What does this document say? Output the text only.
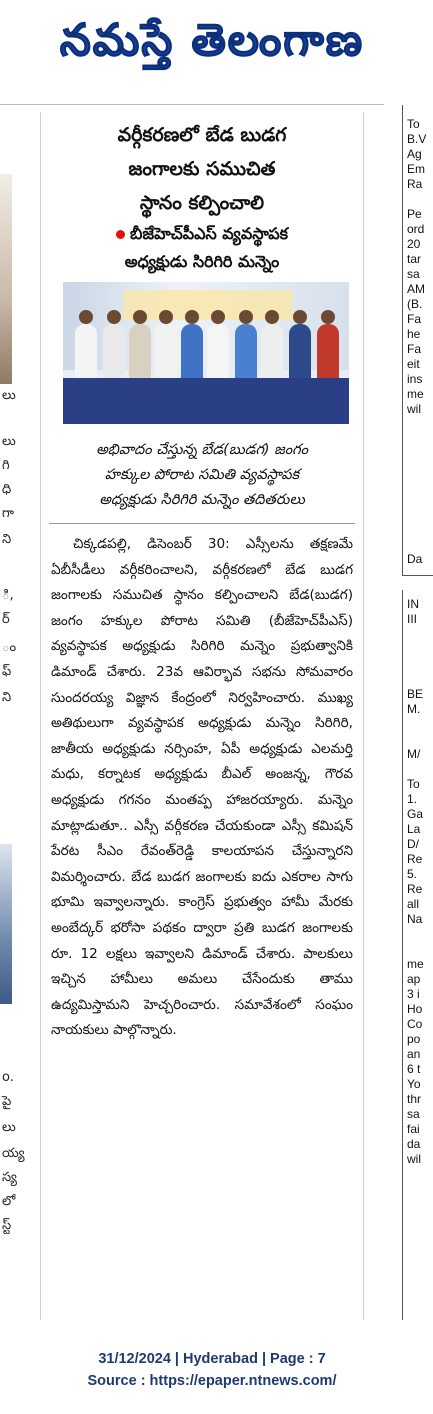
నమస్తే తెలంగాణ
లు
లు
గి
ధి
గా
ని
ి,
ర్
ం
ఫ్
ని
o.
పై
లు
య్య
స్య
లో
స్ట్
వర్గీకరణలో బేడ బుడగ
జంగాలకు సముచిత
స్థానం కల్పించాలి
బీజేహెచ్‌పీఎస్ వ్యవస్థాపక
అధ్యక్షుడు సిరిగిరి మన్నెం
అభివాదం చేస్తున్న బేడ(బుడగ) జంగం
హక్కుల పోరాట సమితి వ్యవస్థాపక
అధ్యక్షుడు సిరిగిరి మన్నెం తదితరులు
చిక్కడపల్లి, డిసెంబర్ 30: ఎస్సీలను తక్షణమే ఏబీసీడీలు వర్గీకరించాలని, వర్గీకరణలో బేడ బుడగ జంగాలకు సముచిత స్థానం కల్పించాలని బేడ(బుడగ) జంగం హక్కుల పోరాట సమితి (బీజేహెచ్‌పీఎస్) వ్యవస్థాపక అధ్యక్షుడు సిరిగిరి మన్నెం ప్రభుత్వానికి డిమాండ్ చేశారు. 23వ ఆవిర్భావ సభను సోమవారం సుందరయ్య విజ్ఞాన కేంద్రంలో నిర్వహించారు. ముఖ్య అతిథులుగా వ్యవస్థాపక అధ్యక్షుడు మన్నెం సిరిగిరి, జాతీయ అధ్యక్షుడు నర్సింహ, ఏపీ అధ్యక్షుడు ఎలమర్తి మధు, కర్నాటక అధ్యక్షుడు బీఎల్ అంజన్న, గౌరవ అధ్యక్షుడు గగనం మంతప్ప హాజరయ్యారు. మన్నెం మాట్లాడుతూ.. ఎస్సీ వర్గీకరణ చేయకుండా ఎస్సీ కమిషన్ పేరట సీఎం రేవంత్‌రెడ్డి కాలయాపన చేస్తున్నారని విమర్శించారు. బేడ బుడగ జంగాలకు ఐదు ఎకరాల సాగు భూమి ఇవ్వాలన్నారు. కాంగ్రెస్ ప్రభుత్వం హామీ మేరకు అంబేద్కర్ భరోసా పథకం ద్వారా ప్రతి బుడగ జంగాలకు రూ. 12 లక్షలు ఇవ్వాలని డిమాండ్ చేశారు. పాలకులు ఇచ్చిన హామీలు అమలు చేసేందుకు తాము ఉద్యమిస్తామని హెచ్చరించారు. సమావేశంలో సంఘం నాయకులు పాల్గొన్నారు.
To
B.V
Ag
Em
Ra
Pe
ord
20
tar
sa
AM
(B.
Fa
he
Fa
eit
ins
me
wil
Da
IN
III
BE
M.
M/
To
1.
Ga
La
D/
Re
5.
Re
all
Na
me
ap
3 i
Ho
Co
po
an
6 t
Yo
thr
sa
fai
da
wil
31/12/2024 | Hyderabad | Page : 7
Source : https://epaper.ntnews.com/
